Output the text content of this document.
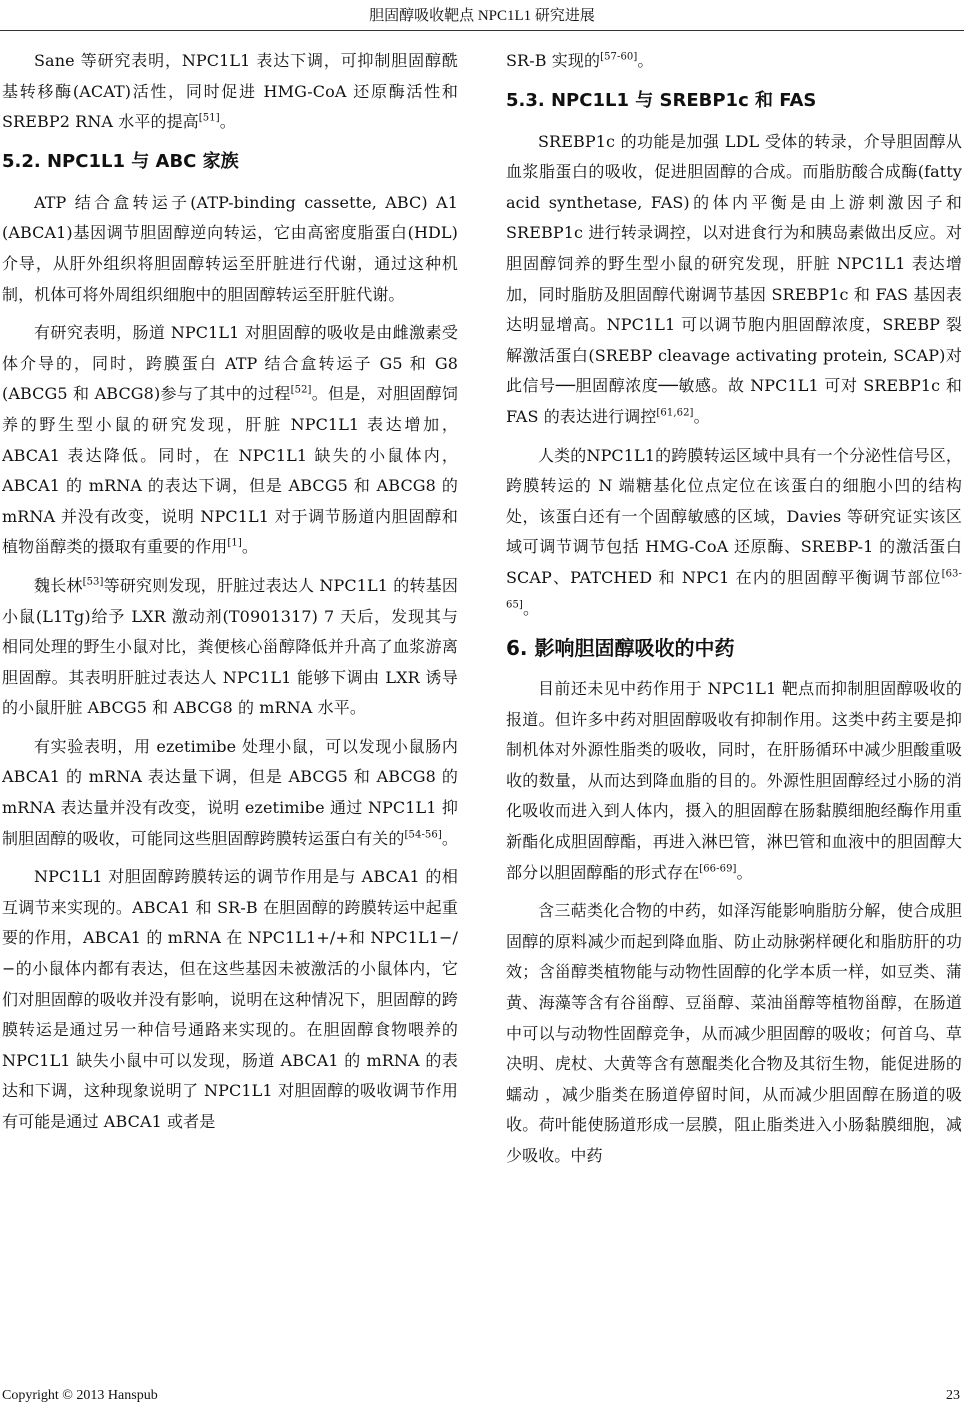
胆固醇吸收靶点 NPC1L1 研究进展

Sane 等研究表明，NPC1L1 表达下调，可抑制胆固醇酰基转移酶(ACAT)活性，同时促进 HMG-CoA 还原酶活性和 SREBP2 RNA 水平的提高[51]。

5.2. NPC1L1 与 ABC 家族

ATP 结合盒转运子(ATP-binding cassette, ABC) A1 (ABCA1)基因调节胆固醇逆向转运，它由高密度脂蛋白(HDL)介导，从肝外组织将胆固醇转运至肝脏进行代谢，通过这种机制，机体可将外周组织细胞中的胆固醇转运至肝脏代谢。

有研究表明，肠道 NPC1L1 对胆固醇的吸收是由雌激素受体介导的，同时，跨膜蛋白 ATP 结合盒转运子 G5 和 G8 (ABCG5 和 ABCG8)参与了其中的过程[52]。但是，对胆固醇饲养的野生型小鼠的研究发现，肝脏 NPC1L1 表达增加，ABCA1 表达降低。同时，在 NPC1L1 缺失的小鼠体内，ABCA1 的 mRNA 的表达下调，但是 ABCG5 和 ABCG8 的 mRNA 并没有改变，说明 NPC1L1 对于调节肠道内胆固醇和植物甾醇类的摄取有重要的作用[1]。

魏长林[53]等研究则发现，肝脏过表达人 NPC1L1 的转基因小鼠(L1Tg)给予 LXR 激动剂(T0901317) 7 天后，发现其与相同处理的野生小鼠对比，粪便核心甾醇降低并升高了血浆游离胆固醇。其表明肝脏过表达人 NPC1L1 能够下调由 LXR 诱导的小鼠肝脏 ABCG5 和 ABCG8 的 mRNA 水平。

有实验表明，用 ezetimibe 处理小鼠，可以发现小鼠肠内 ABCA1 的 mRNA 表达量下调，但是 ABCG5 和 ABCG8 的 mRNA 表达量并没有改变，说明 ezetimibe 通过 NPC1L1 抑制胆固醇的吸收，可能同这些胆固醇跨膜转运蛋白有关的[54-56]。

NPC1L1 对胆固醇跨膜转运的调节作用是与 ABCA1 的相互调节来实现的。ABCA1 和 SR-B 在胆固醇的跨膜转运中起重要的作用，ABCA1 的 mRNA 在 NPC1L1+/+和 NPC1L1−/−的小鼠体内都有表达，但在这些基因未被激活的小鼠体内，它们对胆固醇的吸收并没有影响，说明在这种情况下，胆固醇的跨膜转运是通过另一种信号通路来实现的。在胆固醇食物喂养的 NPC1L1 缺失小鼠中可以发现，肠道 ABCA1 的 mRNA 的表达和下调，这种现象说明了 NPC1L1 对胆固醇的吸收调节作用有可能是通过 ABCA1 或者是

SR-B 实现的[57-60]。

5.3. NPC1L1 与 SREBP1c 和 FAS

SREBP1c 的功能是加强 LDL 受体的转录，介导胆固醇从血浆脂蛋白的吸收，促进胆固醇的合成。而脂肪酸合成酶(fatty acid synthetase, FAS)的体内平衡是由上游刺激因子和 SREBP1c 进行转录调控，以对进食行为和胰岛素做出反应。对胆固醇饲养的野生型小鼠的研究发现，肝脏 NPC1L1 表达增加，同时脂肪及胆固醇代谢调节基因 SREBP1c 和 FAS 基因表达明显增高。NPC1L1 可以调节胞内胆固醇浓度，SREBP 裂解激活蛋白(SREBP cleavage activating protein, SCAP)对此信号──胆固醇浓度──敏感。故 NPC1L1 可对 SREBP1c 和 FAS 的表达进行调控[61,62]。

人类的NPC1L1的跨膜转运区域中具有一个分泌性信号区，跨膜转运的 N 端糖基化位点定位在该蛋白的细胞小凹的结构处，该蛋白还有一个固醇敏感的区域，Davies 等研究证实该区域可调节调节包括 HMG-CoA 还原酶、SREBP-1 的激活蛋白 SCAP、PATCHED 和 NPC1 在内的胆固醇平衡调节部位[63-65]。

6. 影响胆固醇吸收的中药

目前还未见中药作用于 NPC1L1 靶点而抑制胆固醇吸收的报道。但许多中药对胆固醇吸收有抑制作用。这类中药主要是抑制机体对外源性脂类的吸收，同时，在肝肠循环中减少胆酸重吸收的数量，从而达到降血脂的目的。外源性胆固醇经过小肠的消化吸收而进入到人体内，摄入的胆固醇在肠黏膜细胞经酶作用重新酯化成胆固醇酯，再进入淋巴管，淋巴管和血液中的胆固醇大部分以胆固醇酯的形式存在[66-69]。

含三萜类化合物的中药，如泽泻能影响脂肪分解，使合成胆固醇的原料减少而起到降血脂、防止动脉粥样硬化和脂肪肝的功效；含甾醇类植物能与动物性固醇的化学本质一样，如豆类、蒲黄、海藻等含有谷甾醇、豆甾醇、菜油甾醇等植物甾醇，在肠道中可以与动物性固醇竞争，从而减少胆固醇的吸收；何首乌、草决明、虎杖、大黄等含有蒽醌类化合物及其衍生物，能促进肠的蠕动 ，减少脂类在肠道停留时间，从而减少胆固醇在肠道的吸收。荷叶能使肠道形成一层膜，阻止脂类进入小肠黏膜细胞，减少吸收。中药

Copyright © 2013 Hanspub	23
